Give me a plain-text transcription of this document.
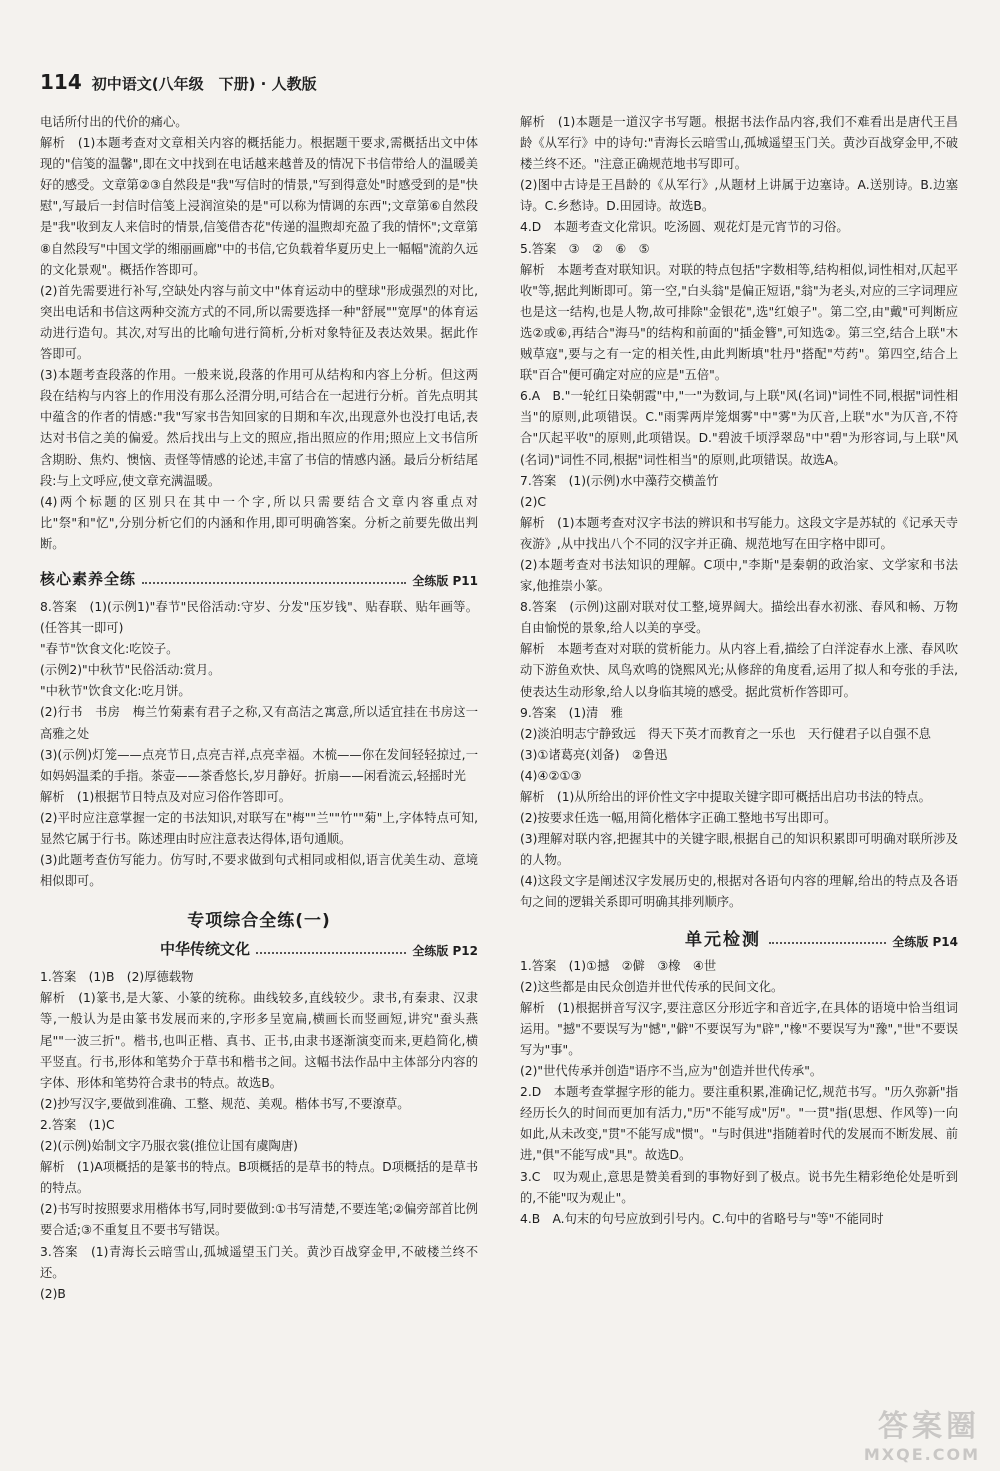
114 初中语文(八年级　下册) · 人教版

电话所付出的代价的痛心。

解析　(1)本题考查对文章相关内容的概括能力。根据题干要求,需概括出文中体现的"信笺的温馨",即在文中找到在电话越来越普及的情况下书信带给人的温暖美好的感受。文章第②③自然段是"我"写信时的情景,"写到得意处"时感受到的是"快慰",写最后一封信时信笺上浸润渲染的是"可以称为情调的东西";文章第⑥自然段是"我"收到友人来信时的情景,信笺借杏花"传递的温煦却充盈了我的情怀";文章第⑧自然段写"中国文学的缃丽画廊"中的书信,它负载着华夏历史上一幅幅"流韵久远的文化景观"。概括作答即可。

(2)首先需要进行补写,空缺处内容与前文中"体育运动中的壁球"形成强烈的对比,突出电话和书信这两种交流方式的不同,所以需要选择一种"舒展""宽厚"的体育运动进行造句。其次,对写出的比喻句进行简析,分析对象特征及表达效果。据此作答即可。

(3)本题考查段落的作用。一般来说,段落的作用可从结构和内容上分析。但这两段在结构与内容上的作用没有那么泾渭分明,可结合在一起进行分析。首先点明其中蕴含的作者的情感:"我"写家书告知回家的日期和车次,出现意外也没打电话,表达对书信之美的偏爱。然后找出与上文的照应,指出照应的作用;照应上文书信所含期盼、焦灼、懊恼、责怪等情感的论述,丰富了书信的情感内涵。最后分析结尾段:与上文呼应,使文章充满温暖。

(4)两个标题的区别只在其中一个字,所以只需要结合文章内容重点对比"祭"和"忆",分别分析它们的内涵和作用,即可明确答案。分析之前要先做出判断。

核心素养全练	全练版 P11

8.答案　(1)(示例1)"春节"民俗活动:守岁、分发"压岁钱"、贴春联、贴年画等。(任答其一即可)

"春节"饮食文化:吃饺子。

(示例2)"中秋节"民俗活动:赏月。

"中秋节"饮食文化:吃月饼。

(2)行书　书房　梅兰竹菊素有君子之称,又有高洁之寓意,所以适宜挂在书房这一高雅之处

(3)(示例)灯笼——点亮节日,点亮吉祥,点亮幸福。木梳——你在发间轻轻掠过,一如妈妈温柔的手指。茶壶——茶香悠长,岁月静好。折扇——闲看流云,轻摇时光

解析　(1)根据节日特点及对应习俗作答即可。

(2)平时应注意掌握一定的书法知识,对联写在"梅""兰""竹""菊"上,字体特点可知,显然它属于行书。陈述理由时应注意表达得体,语句通顺。

(3)此题考查仿写能力。仿写时,不要求做到句式相同或相似,语言优美生动、意境相似即可。

专项综合全练(一)
中华传统文化	全练版 P12

1.答案　(1)B　(2)厚德载物

解析　(1)篆书,是大篆、小篆的统称。曲线较多,直线较少。隶书,有秦隶、汉隶等,一般认为是由篆书发展而来的,字形多呈宽扁,横画长而竖画短,讲究"蚕头燕尾""一波三折"。楷书,也叫正楷、真书、正书,由隶书逐渐演变而来,更趋简化,横平竖直。行书,形体和笔势介于草书和楷书之间。这幅书法作品中主体部分内容的字体、形体和笔势符合隶书的特点。故选B。

(2)抄写汉字,要做到准确、工整、规范、美观。楷体书写,不要潦草。

2.答案　(1)C

(2)(示例)始制文字乃服衣裳(推位让国有虞陶唐)

解析　(1)A项概括的是篆书的特点。B项概括的是草书的特点。D项概括的是草书的特点。

(2)书写时按照要求用楷体书写,同时要做到:①书写清楚,不要连笔;②偏旁部首比例要合适;③不重复且不要书写错误。

3.答案　(1)青海长云暗雪山,孤城遥望玉门关。黄沙百战穿金甲,不破楼兰终不还。

(2)B

解析　(1)本题是一道汉字书写题。根据书法作品内容,我们不难看出是唐代王昌龄《从军行》中的诗句:"青海长云暗雪山,孤城遥望玉门关。黄沙百战穿金甲,不破楼兰终不还。"注意正确规范地书写即可。

(2)图中古诗是王昌龄的《从军行》,从题材上讲属于边塞诗。A.送别诗。B.边塞诗。C.乡愁诗。D.田园诗。故选B。

4.D　本题考查文化常识。吃汤圆、观花灯是元宵节的习俗。

5.答案　③　②　⑥　⑤

解析　本题考查对联知识。对联的特点包括"字数相等,结构相似,词性相对,仄起平收"等,据此判断即可。第一空,"白头翁"是偏正短语,"翁"为老头,对应的三字词理应也是这一结构,也是人物,故可排除"金银花",选"红娘子"。第二空,由"戴"可判断应选②或⑥,再结合"海马"的结构和前面的"插金簪",可知选②。第三空,结合上联"木贼草寇",要与之有一定的相关性,由此判断填"牡丹"搭配"芍药"。第四空,结合上联"百合"便可确定对应的应是"五倍"。

6.A　B."一轮红日染朝霞"中,"一"为数词,与上联"风(名词)"词性不同,根据"词性相当"的原则,此项错误。C."雨霁两岸笼烟雾"中"雾"为仄音,上联"水"为仄音,不符合"仄起平收"的原则,此项错误。D."碧波千顷浮翠岛"中"碧"为形容词,与上联"风(名词)"词性不同,根据"词性相当"的原则,此项错误。故选A。

7.答案　(1)(示例)水中藻荇交横盖竹

(2)C

解析　(1)本题考查对汉字书法的辨识和书写能力。这段文字是苏轼的《记承天寺夜游》,从中找出八个不同的汉字并正确、规范地写在田字格中即可。

(2)本题考查对书法知识的理解。C项中,"李斯"是秦朝的政治家、文学家和书法家,他推崇小篆。

8.答案　(示例)这副对联对仗工整,境界阔大。描绘出春水初涨、春风和畅、万物自由愉悦的景象,给人以美的享受。

解析　本题考查对对联的赏析能力。从内容上看,描绘了白洋淀春水上涨、春风吹动下游鱼欢快、凤鸟欢鸣的饶熙风光;从修辞的角度看,运用了拟人和夸张的手法,使表达生动形象,给人以身临其境的感受。据此赏析作答即可。

9.答案　(1)清　雅

(2)淡泊明志宁静致远　得天下英才而教育之一乐也　天行健君子以自强不息

(3)①诸葛亮(刘备)　②鲁迅

(4)④②①③

解析　(1)从所给出的评价性文字中提取关键字即可概括出启功书法的特点。

(2)按要求任选一幅,用简化楷体字正确工整地书写出即可。

(3)理解对联内容,把握其中的关键字眼,根据自己的知识积累即可明确对联所涉及的人物。

(4)这段文字是阐述汉字发展历史的,根据对各语句内容的理解,给出的特点及各语句之间的逻辑关系即可明确其排列顺序。

单元检测	全练版 P14

1.答案　(1)①撼　②僻　③橡　④世

(2)这些都是由民众创造并世代传承的民间文化。

解析　(1)根据拼音写汉字,要注意区分形近字和音近字,在具体的语境中恰当组词运用。"撼"不要误写为"憾","僻"不要误写为"辟","橡"不要误写为"豫","世"不要误写为"事"。

(2)"世代传承并创造"语序不当,应为"创造并世代传承"。

2.D　本题考查掌握字形的能力。要注重积累,准确记忆,规范书写。"历久弥新"指经历长久的时间而更加有活力,"历"不能写成"厉"。"一贯"指(思想、作风等)一向如此,从未改变,"贯"不能写成"惯"。"与时俱进"指随着时代的发展而不断发展、前进,"俱"不能写成"具"。故选D。

3.C　叹为观止,意思是赞美看到的事物好到了极点。说书先生精彩绝伦处是听到的,不能"叹为观止"。

4.B　A.句末的句号应放到引号内。C.句中的省略号与"等"不能同时

答案圈
MXQE.COM
